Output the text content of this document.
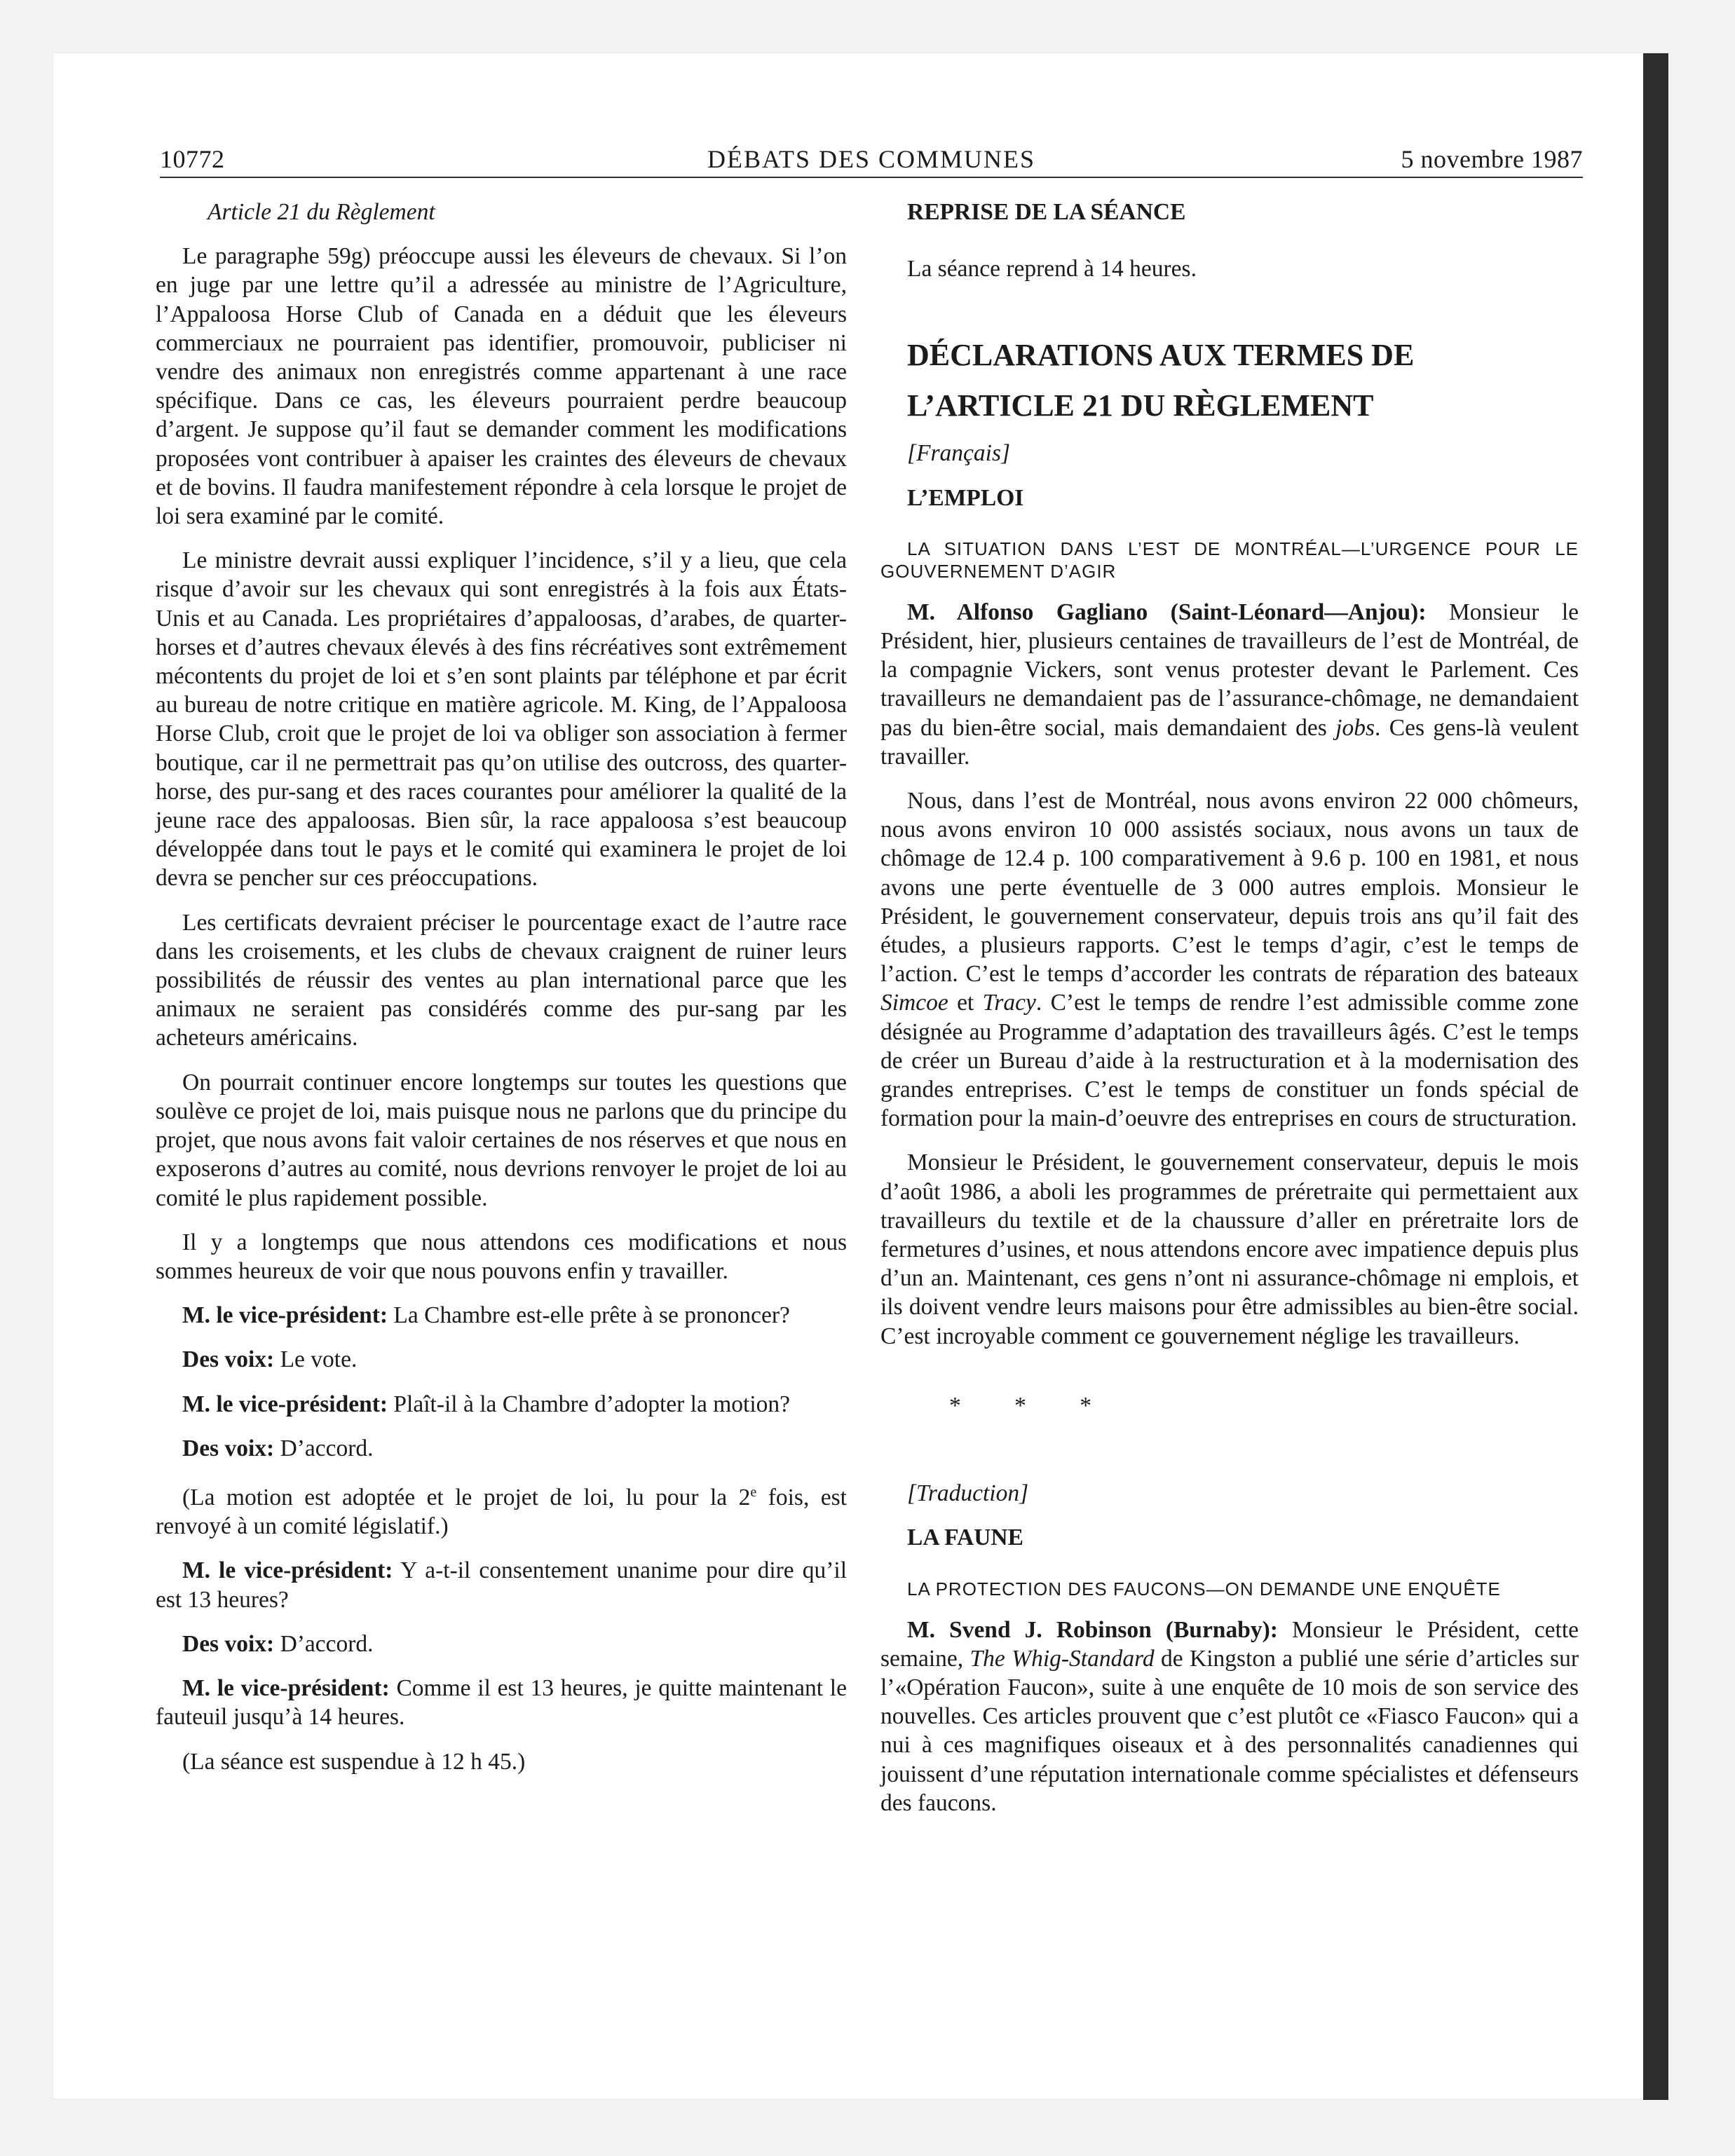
10772	DÉBATS DES COMMUNES	5 novembre 1987

Article 21 du Règlement

Le paragraphe 59g) préoccupe aussi les éleveurs de chevaux. Si l’on en juge par une lettre qu’il a adressée au ministre de l’Agriculture, l’Appaloosa Horse Club of Canada en a déduit que les éleveurs commerciaux ne pourraient pas identifier, promouvoir, publiciser ni vendre des animaux non enregistrés comme appartenant à une race spécifique. Dans ce cas, les éleveurs pourraient perdre beaucoup d’argent. Je suppose qu’il faut se demander comment les modifications proposées vont contribuer à apaiser les craintes des éleveurs de chevaux et de bovins. Il faudra manifestement répondre à cela lorsque le projet de loi sera examiné par le comité.

Le ministre devrait aussi expliquer l’incidence, s’il y a lieu, que cela risque d’avoir sur les chevaux qui sont enregistrés à la fois aux États-Unis et au Canada. Les propriétaires d’appaloosas, d’arabes, de quarter-horses et d’autres chevaux élevés à des fins récréatives sont extrêmement mécontents du projet de loi et s’en sont plaints par téléphone et par écrit au bureau de notre critique en matière agricole. M. King, de l’Appaloosa Horse Club, croit que le projet de loi va obliger son association à fermer boutique, car il ne permettrait pas qu’on utilise des outcross, des quarter-horse, des pur-sang et des races courantes pour améliorer la qualité de la jeune race des appaloosas. Bien sûr, la race appaloosa s’est beaucoup développée dans tout le pays et le comité qui examinera le projet de loi devra se pencher sur ces préoccupations.

Les certificats devraient préciser le pourcentage exact de l’autre race dans les croisements, et les clubs de chevaux craignent de ruiner leurs possibilités de réussir des ventes au plan international parce que les animaux ne seraient pas considérés comme des pur-sang par les acheteurs américains.

On pourrait continuer encore longtemps sur toutes les questions que soulève ce projet de loi, mais puisque nous ne parlons que du principe du projet, que nous avons fait valoir certaines de nos réserves et que nous en exposerons d’autres au comité, nous devrions renvoyer le projet de loi au comité le plus rapidement possible.

Il y a longtemps que nous attendons ces modifications et nous sommes heureux de voir que nous pouvons enfin y travailler.

M. le vice-président: La Chambre est-elle prête à se prononcer?

Des voix: Le vote.

M. le vice-président: Plaît-il à la Chambre d’adopter la motion?

Des voix: D’accord.

(La motion est adoptée et le projet de loi, lu pour la 2e fois, est renvoyé à un comité législatif.)

M. le vice-président: Y a-t-il consentement unanime pour dire qu’il est 13 heures?

Des voix: D’accord.

M. le vice-président: Comme il est 13 heures, je quitte maintenant le fauteuil jusqu’à 14 heures.

(La séance est suspendue à 12 h 45.)

REPRISE DE LA SÉANCE

La séance reprend à 14 heures.

DÉCLARATIONS AUX TERMES DE

L’ARTICLE 21 DU RÈGLEMENT

[Français]

L’EMPLOI

LA SITUATION DANS L’EST DE MONTRÉAL—L’URGENCE POUR LE GOUVERNEMENT D’AGIR

M. Alfonso Gagliano (Saint-Léonard—Anjou): Monsieur le Président, hier, plusieurs centaines de travailleurs de l’est de Montréal, de la compagnie Vickers, sont venus protester devant le Parlement. Ces travailleurs ne demandaient pas de l’assurance-chômage, ne demandaient pas du bien-être social, mais demandaient des jobs. Ces gens-là veulent travailler.

Nous, dans l’est de Montréal, nous avons environ 22 000 chômeurs, nous avons environ 10 000 assistés sociaux, nous avons un taux de chômage de 12.4 p. 100 comparativement à 9.6 p. 100 en 1981, et nous avons une perte éventuelle de 3 000 autres emplois. Monsieur le Président, le gouvernement conservateur, depuis trois ans qu’il fait des études, a plusieurs rapports. C’est le temps d’agir, c’est le temps de l’action. C’est le temps d’accorder les contrats de réparation des bateaux Simcoe et Tracy. C’est le temps de rendre l’est admissible comme zone désignée au Programme d’adaptation des travailleurs âgés. C’est le temps de créer un Bureau d’aide à la restructuration et à la modernisation des grandes entreprises. C’est le temps de constituer un fonds spécial de formation pour la main-d’oeuvre des entreprises en cours de structuration.

Monsieur le Président, le gouvernement conservateur, depuis le mois d’août 1986, a aboli les programmes de préretraite qui permettaient aux travailleurs du textile et de la chaussure d’aller en préretraite lors de fermetures d’usines, et nous attendons encore avec impatience depuis plus d’un an. Maintenant, ces gens n’ont ni assurance-chômage ni emplois, et ils doivent vendre leurs maisons pour être admissibles au bien-être social. C’est incroyable comment ce gouvernement néglige les travailleurs.

* * *

[Traduction]

LA FAUNE

LA PROTECTION DES FAUCONS—ON DEMANDE UNE ENQUÊTE

M. Svend J. Robinson (Burnaby): Monsieur le Président, cette semaine, The Whig-Standard de Kingston a publié une série d’articles sur l’«Opération Faucon», suite à une enquête de 10 mois de son service des nouvelles. Ces articles prouvent que c’est plutôt ce «Fiasco Faucon» qui a nui à ces magnifiques oiseaux et à des personnalités canadiennes qui jouissent d’une réputation internationale comme spécialistes et défenseurs des faucons.
